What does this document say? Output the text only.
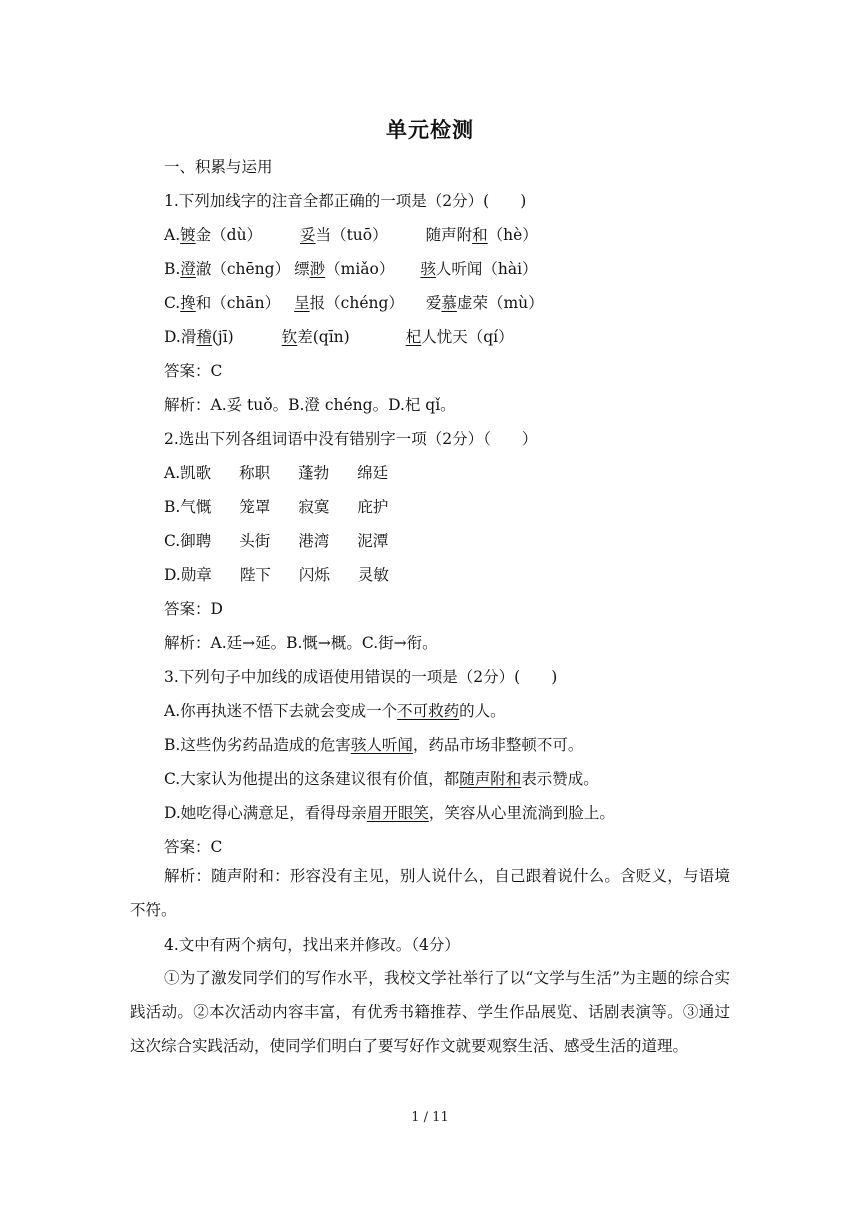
单元检测
一、积累与运用
1.下列加线字的注音全都正确的一项是（2分）(　　)
A.镀金（dù） 妥当（tuō） 随声附和（hè）
B.澄澈（chēng） 缥渺（miǎo） 骇人听闻（hài）
C.搀和（chān） 呈报（chéng） 爱慕虚荣（mù）
D.滑稽(jī)	钦差(qīn)	杞人忧天（qí）
答案：C
解析：A.妥 tuǒ。B.澄 chéng。D.杞 qǐ。
2.选出下列各组词语中没有错别字一项（2分）（　　）
A.凯歌 称职 蓬勃 绵廷
B.气慨 笼罩 寂寞 庇护
C.御聘 头街 港湾 泥潭
D.勋章 陛下 闪烁 灵敏
答案：D
解析：A.廷→延。B.慨→概。C.街→衔。
3.下列句子中加线的成语使用错误的一项是（2分）(　　)
A.你再执迷不悟下去就会变成一个不可救药的人。
B.这些伪劣药品造成的危害骇人听闻，药品市场非整顿不可。
C.大家认为他提出的这条建议很有价值，都随声附和表示赞成。
D.她吃得心满意足，看得母亲眉开眼笑，笑容从心里流淌到脸上。
答案：C
解析：随声附和：形容没有主见，别人说什么，自己跟着说什么。含贬义，与语境不符。
4.文中有两个病句，找出来并修改。（4分）
①为了激发同学们的写作水平，我校文学社举行了以“文学与生活”为主题的综合实践活动。②本次活动内容丰富，有优秀书籍推荐、学生作品展览、话剧表演等。③通过这次综合实践活动，使同学们明白了要写好作文就要观察生活、感受生活的道理。
1 / 11
